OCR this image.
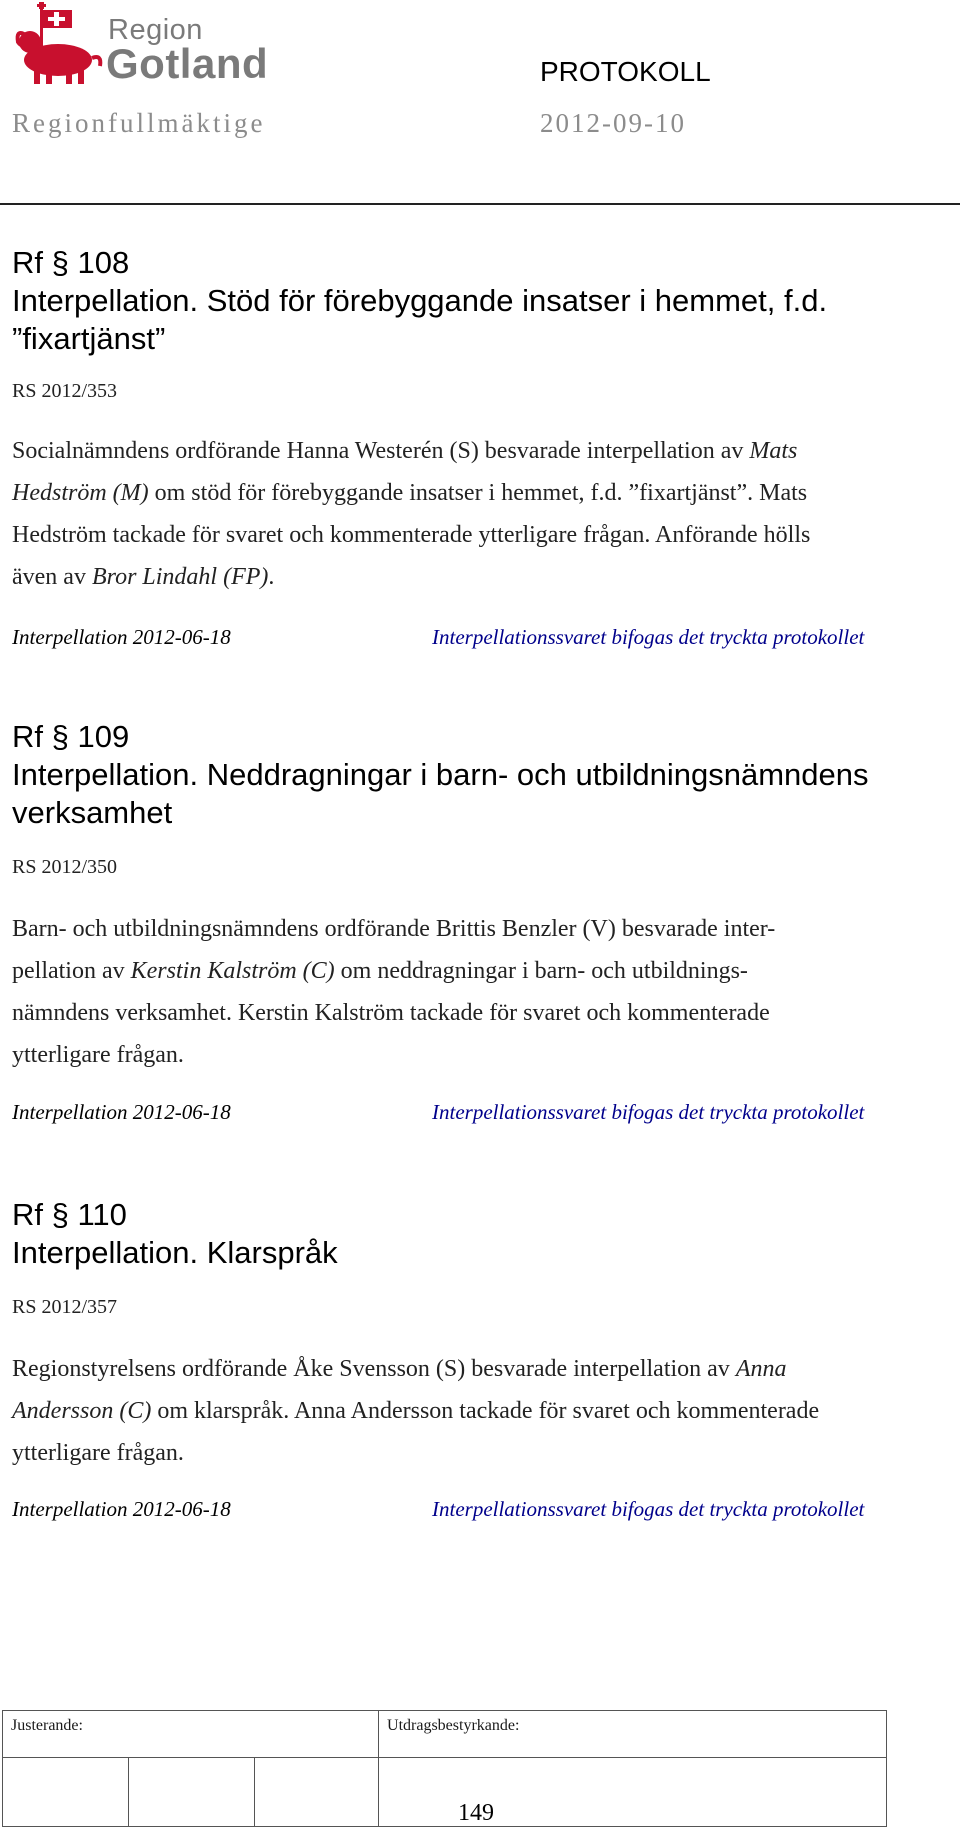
Region
Gotland	PROTOKOLL
Regionfullmäktige	2012-09-10
Rf § 108
Interpellation. Stöd för förebyggande insatser i hemmet, f.d.
”fixartjänst”
RS 2012/353
Socialnämndens ordförande Hanna Westerén (S) besvarade interpellation av Mats
Hedström (M) om stöd för förebyggande insatser i hemmet, f.d. ”fixartjänst”. Mats
Hedström tackade för svaret och kommenterade ytterligare frågan. Anförande hölls
även av Bror Lindahl (FP).
Interpellation 2012-06-18	Interpellationssvaret bifogas det tryckta protokollet
Rf § 109
Interpellation. Neddragningar i barn- och utbildningsnämndens
verksamhet
RS 2012/350
Barn- och utbildningsnämndens ordförande Brittis Benzler (V) besvarade inter-
pellation av Kerstin Kalström (C) om neddragningar i barn- och utbildnings-
nämndens verksamhet. Kerstin Kalström tackade för svaret och kommenterade
ytterligare frågan.
Interpellation 2012-06-18	Interpellationssvaret bifogas det tryckta protokollet
Rf § 110
Interpellation. Klarspråk
RS 2012/357
Regionstyrelsens ordförande Åke Svensson (S) besvarade interpellation av Anna
Andersson (C) om klarspråk. Anna Andersson tackade för svaret och kommenterade
ytterligare frågan.
Interpellation 2012-06-18	Interpellationssvaret bifogas det tryckta protokollet
Justerande:			Utdragsbestyrkande:

149
